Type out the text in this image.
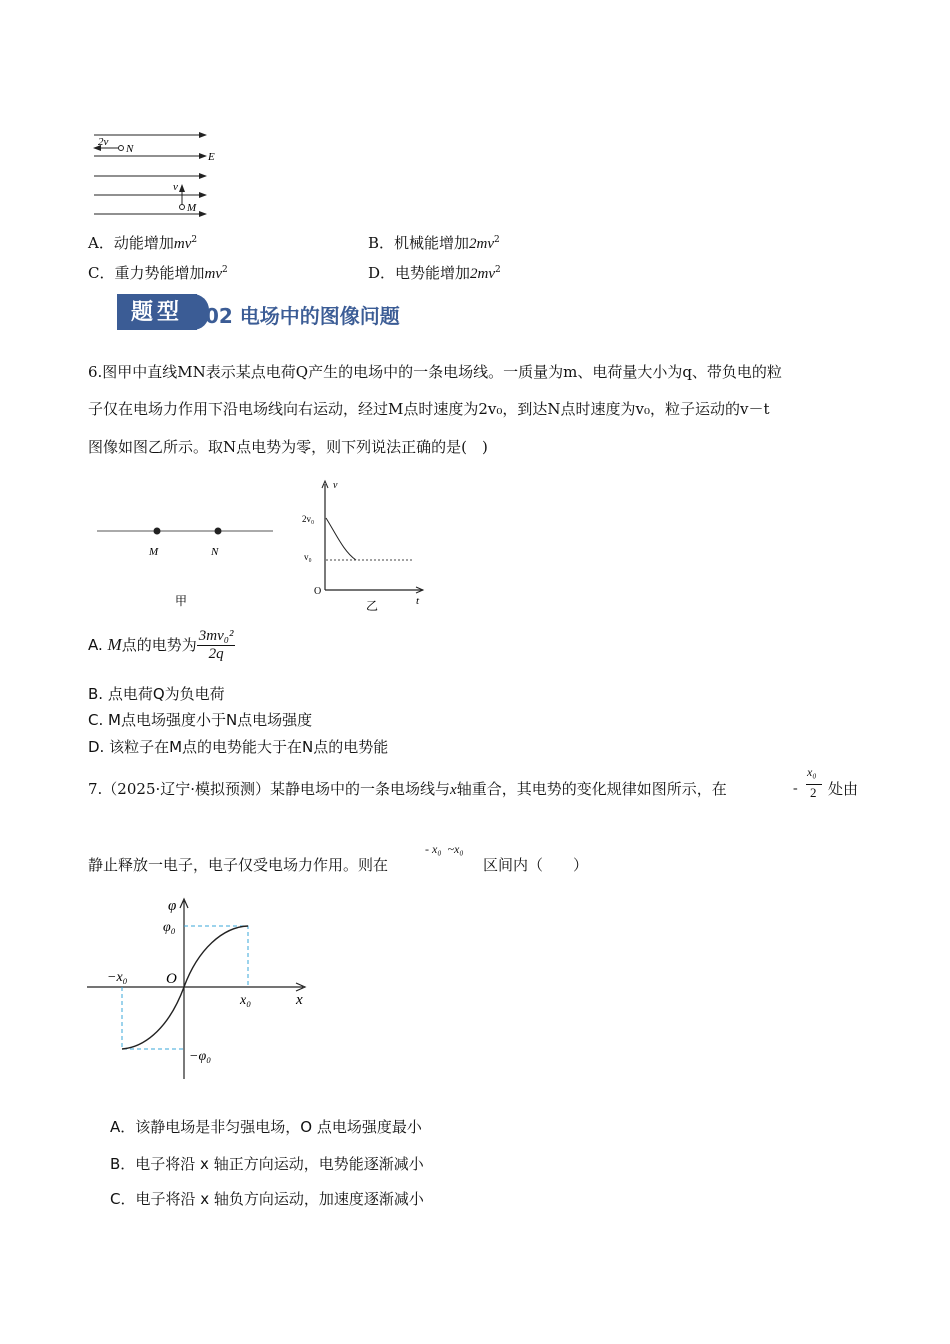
2v
N
E
v
M
A．动能增加$mv^2$	B．机械能增加$2mv^2$
C．重力势能增加$mv^2$	D．电势能增加$2mv^2$
题型	02 电场中的图像问题
6.图甲中直线MN表示某点电荷Q产生的电场中的一条电场线。一质量为m、电荷量大小为q、带负电的粒
子仅在电场力作用下沿电场线向右运动，经过M点时速度为2v₀，到达N点时速度为v₀，粒子运动的v－t
图像如图乙所示。取N点电势为零，则下列说法正确的是(　)
M	N
甲
v
t
O
2v₀
v₀
乙
A. M点的电势为 $\frac{\text{3mv₀²}}{2q}$
B. 点电荷Q为负电荷
C. M点电场强度小于N点电场强度
D. 该粒子在M点的电势能大于在N点的电势能
7.（2025·辽宁·模拟预测）某静电场中的一条电场线与x轴重合，其电势的变化规律如图所示，在	-
x₀
2 处由
静止释放一电子，电子仅受电场力作用。则在
- x₀  ~x₀
区间内（　　）
φ
φ₀
−φ₀
−x₀
x₀
O
x
A．该静电场是非匀强电场，O 点电场强度最小
B．电子将沿 x 轴正方向运动，电势能逐渐减小
C．电子将沿 x 轴负方向运动，加速度逐渐减小
